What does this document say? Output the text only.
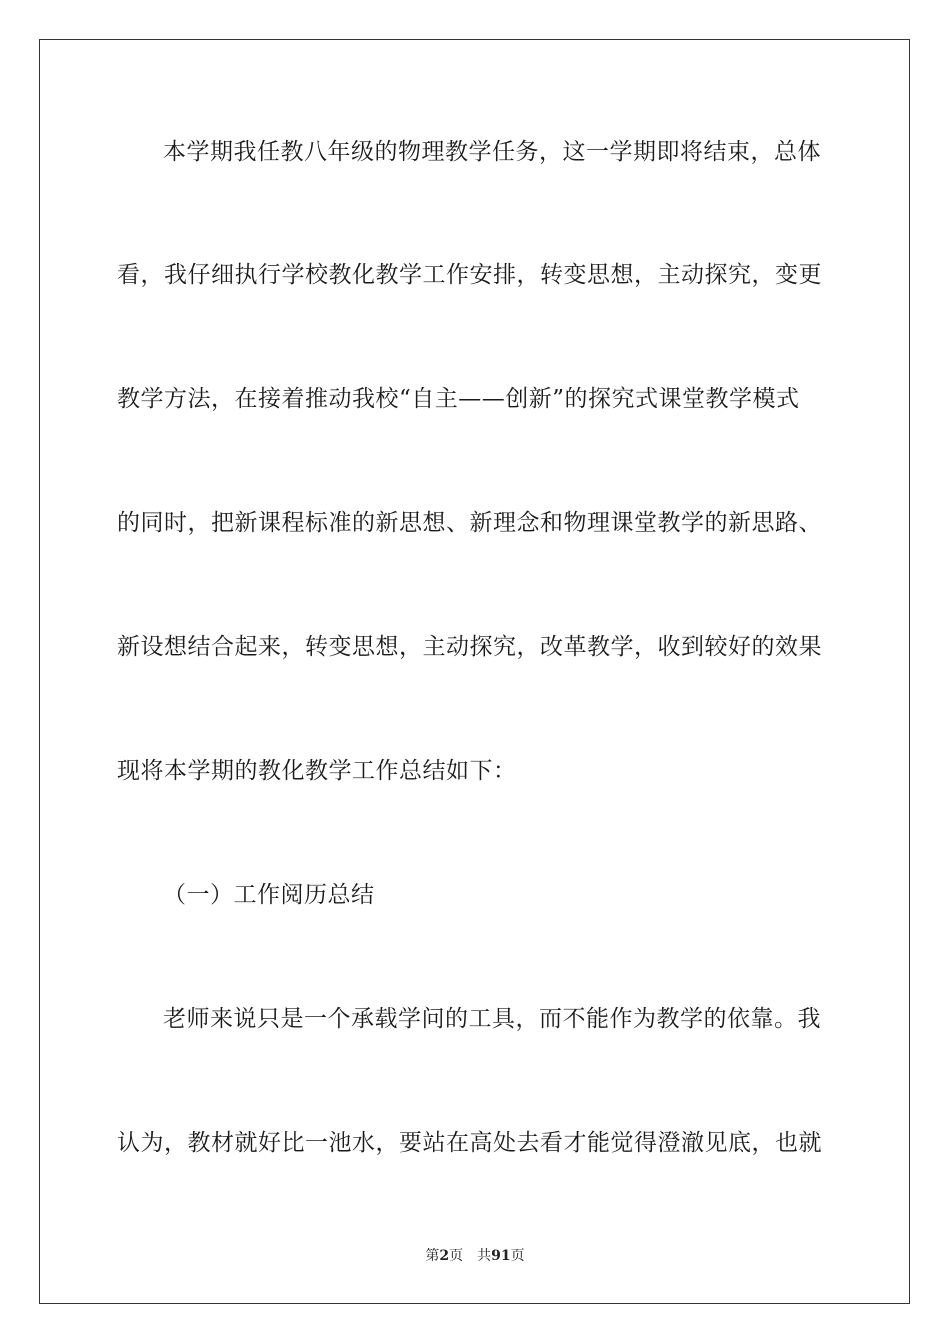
本学期我任教八年级的物理教学任务，这一学期即将结束，总体
看，我仔细执行学校教化教学工作安排，转变思想，主动探究，变更
教学方法，在接着推动我校“自主——创新”的探究式课堂教学模式
的同时，把新课程标准的新思想、新理念和物理课堂教学的新思路、
新设想结合起来，转变思想，主动探究，改革教学，收到较好的效果
现将本学期的教化教学工作总结如下：
（一）工作阅历总结
老师来说只是一个承载学问的工具，而不能作为教学的依靠。我
认为，教材就好比一池水，要站在高处去看才能觉得澄澈见底，也就
第2页 共91页
